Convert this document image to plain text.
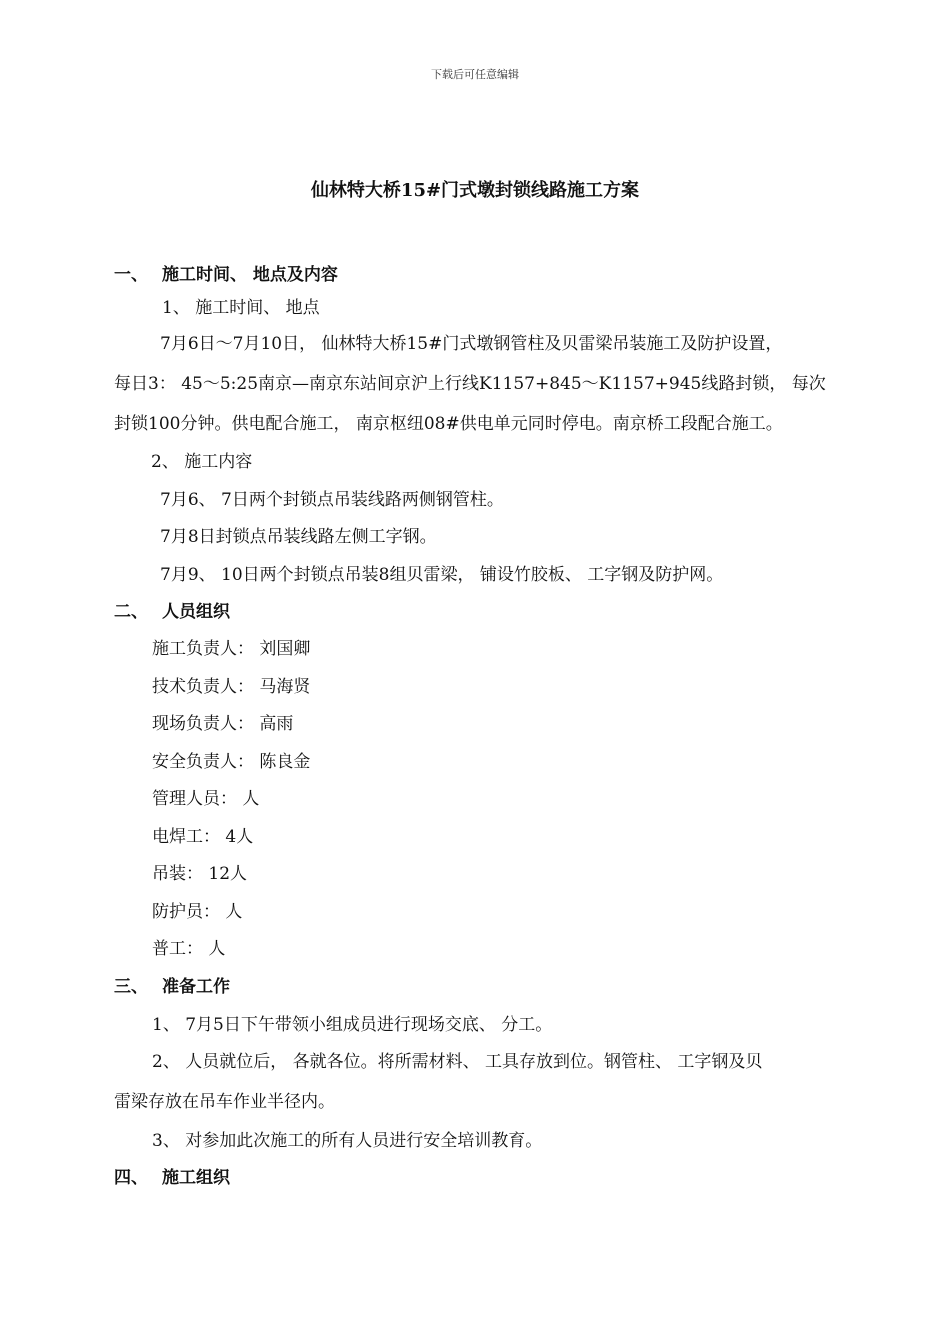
下载后可任意编辑
仙林特大桥15#门式墩封锁线路施工方案
一、 施工时间、 地点及内容
1、 施工时间、 地点
7月6日～7月10日， 仙林特大桥15#门式墩钢管柱及贝雷梁吊装施工及防护设置，
每日3： 45～5:25南京—南京东站间京沪上行线K1157+845～K1157+945线路封锁， 每次
封锁100分钟。供电配合施工， 南京枢纽08#供电单元同时停电。南京桥工段配合施工。
2、 施工内容
7月6、 7日两个封锁点吊装线路两侧钢管柱。
7月8日封锁点吊装线路左侧工字钢。
7月9、 10日两个封锁点吊装8组贝雷梁， 铺设竹胶板、 工字钢及防护网。
二、 人员组织
施工负责人： 刘国卿
技术负责人： 马海贤
现场负责人： 高雨
安全负责人： 陈良金
管理人员： 人
电焊工： 4人
吊装： 12人
防护员： 人
普工： 人
三、 准备工作
1、 7月5日下午带领小组成员进行现场交底、 分工。
2、 人员就位后， 各就各位。将所需材料、 工具存放到位。钢管柱、 工字钢及贝
雷梁存放在吊车作业半径内。
3、 对参加此次施工的所有人员进行安全培训教育。
四、 施工组织
